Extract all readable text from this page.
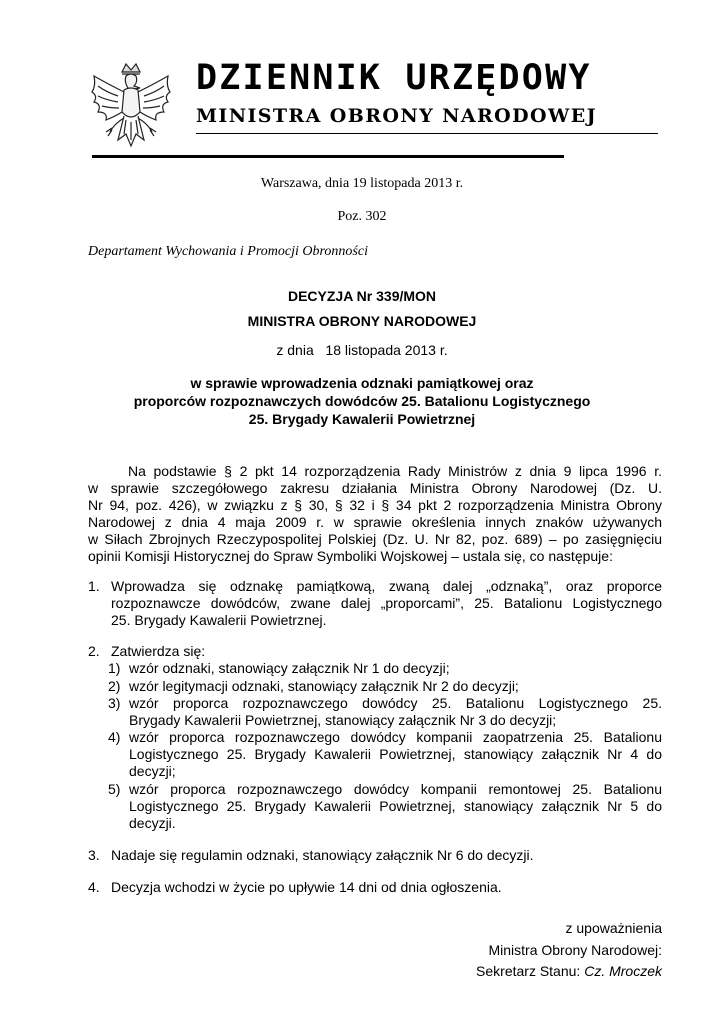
DZIENNIK URZĘDOWY
MINISTRA OBRONY NARODOWEJ
Warszawa, dnia 19 listopada 2013 r.
Poz. 302
Departament Wychowania i Promocji Obronności
DECYZJA Nr 339/MON
MINISTRA OBRONY NARODOWEJ
z dnia   18 listopada 2013 r.
w sprawie wprowadzenia odznaki pamiątkowej oraz
proporców rozpoznawczych dowódców 25. Batalionu Logistycznego
25. Brygady Kawalerii Powietrznej
Na podstawie § 2 pkt 14 rozporządzenia Rady Ministrów z dnia 9 lipca 1996 r.
w sprawie szczegółowego zakresu działania Ministra Obrony Narodowej (Dz. U.
Nr 94, poz. 426), w związku z § 30, § 32 i § 34 pkt 2 rozporządzenia Ministra Obrony
Narodowej z dnia 4 maja 2009 r. w sprawie określenia innych znaków używanych
w Siłach Zbrojnych Rzeczypospolitej Polskiej (Dz. U. Nr 82, poz. 689) – po zasięgnięciu
opinii Komisji Historycznej do Spraw Symboliki Wojskowej – ustala się, co następuje:
1. Wprowadza się odznakę pamiątkową, zwaną dalej „odznaką”, oraz proporce
rozpoznawcze dowódców, zwane dalej „proporcami”, 25. Batalionu Logistycznego
25. Brygady Kawalerii Powietrznej.
2. Zatwierdza się:
1) wzór odznaki, stanowiący załącznik Nr 1 do decyzji;
2) wzór legitymacji odznaki, stanowiący załącznik Nr 2 do decyzji;
3) wzór proporca rozpoznawczego dowódcy 25. Batalionu Logistycznego 25.
Brygady Kawalerii Powietrznej, stanowiący załącznik Nr 3 do decyzji;
4) wzór proporca rozpoznawczego dowódcy kompanii zaopatrzenia 25. Batalionu
Logistycznego 25. Brygady Kawalerii Powietrznej, stanowiący załącznik Nr 4 do
decyzji;
5) wzór proporca rozpoznawczego dowódcy kompanii remontowej 25. Batalionu
Logistycznego 25. Brygady Kawalerii Powietrznej, stanowiący załącznik Nr 5 do
decyzji.
3. Nadaje się regulamin odznaki, stanowiący załącznik Nr 6 do decyzji.
4. Decyzja wchodzi w życie po upływie 14 dni od dnia ogłoszenia.
z upoważnienia
Ministra Obrony Narodowej:
Sekretarz Stanu: Cz. Mroczek
